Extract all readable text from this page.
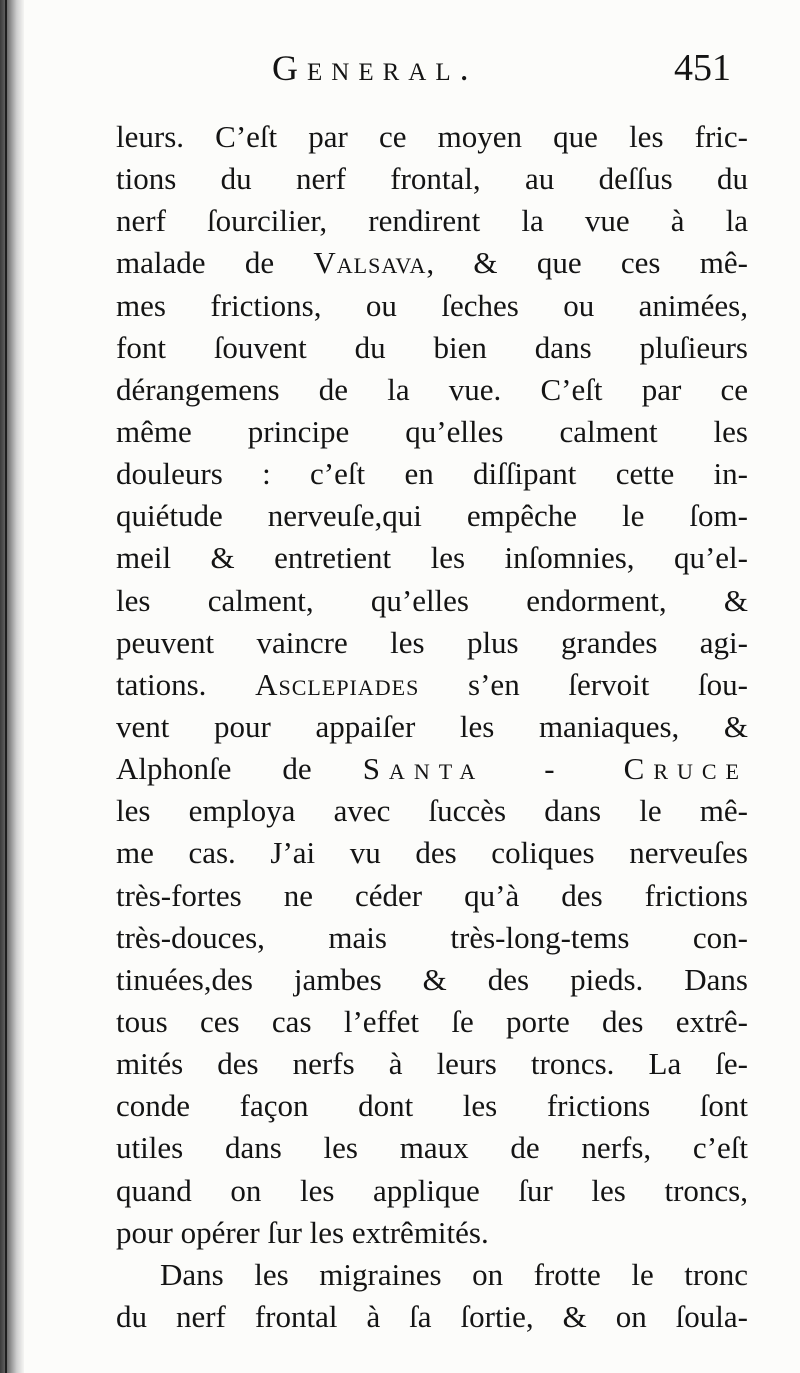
General.	451
leurs. C’eſt par ce moyen que les fric-
tions du nerf frontal, au deſſus du
nerf ſourcilier, rendirent la vue à la
malade de Valsava, & que ces mê-
mes frictions, ou ſeches ou animées,
font ſouvent du bien dans pluſieurs
dérangemens de la vue. C’eſt par ce
même principe qu’elles calment les
douleurs : c’eſt en diſſipant cette in-
quiétude nerveuſe,qui empêche le ſom-
meil & entretient les inſomnies, qu’el-
les calment, qu’elles endorment, &
peuvent vaincre les plus grandes agi-
tations. Asclepiades s’en ſervoit ſou-
vent pour appaiſer les maniaques, &
Alphonſe de Santa - Cruce
les employa avec ſuccès dans le mê-
me cas. J’ai vu des coliques nerveuſes
très-fortes ne céder qu’à des frictions
très-douces, mais très-long-tems con-
tinuées,des jambes & des pieds. Dans
tous ces cas l’effet ſe porte des extrê-
mités des nerfs à leurs troncs. La ſe-
conde façon dont les frictions ſont
utiles dans les maux de nerfs, c’eſt
quand on les applique ſur les troncs,
pour opérer ſur les extrêmités.
Dans les migraines on frotte le tronc
du nerf frontal à ſa ſortie, & on ſoula-
